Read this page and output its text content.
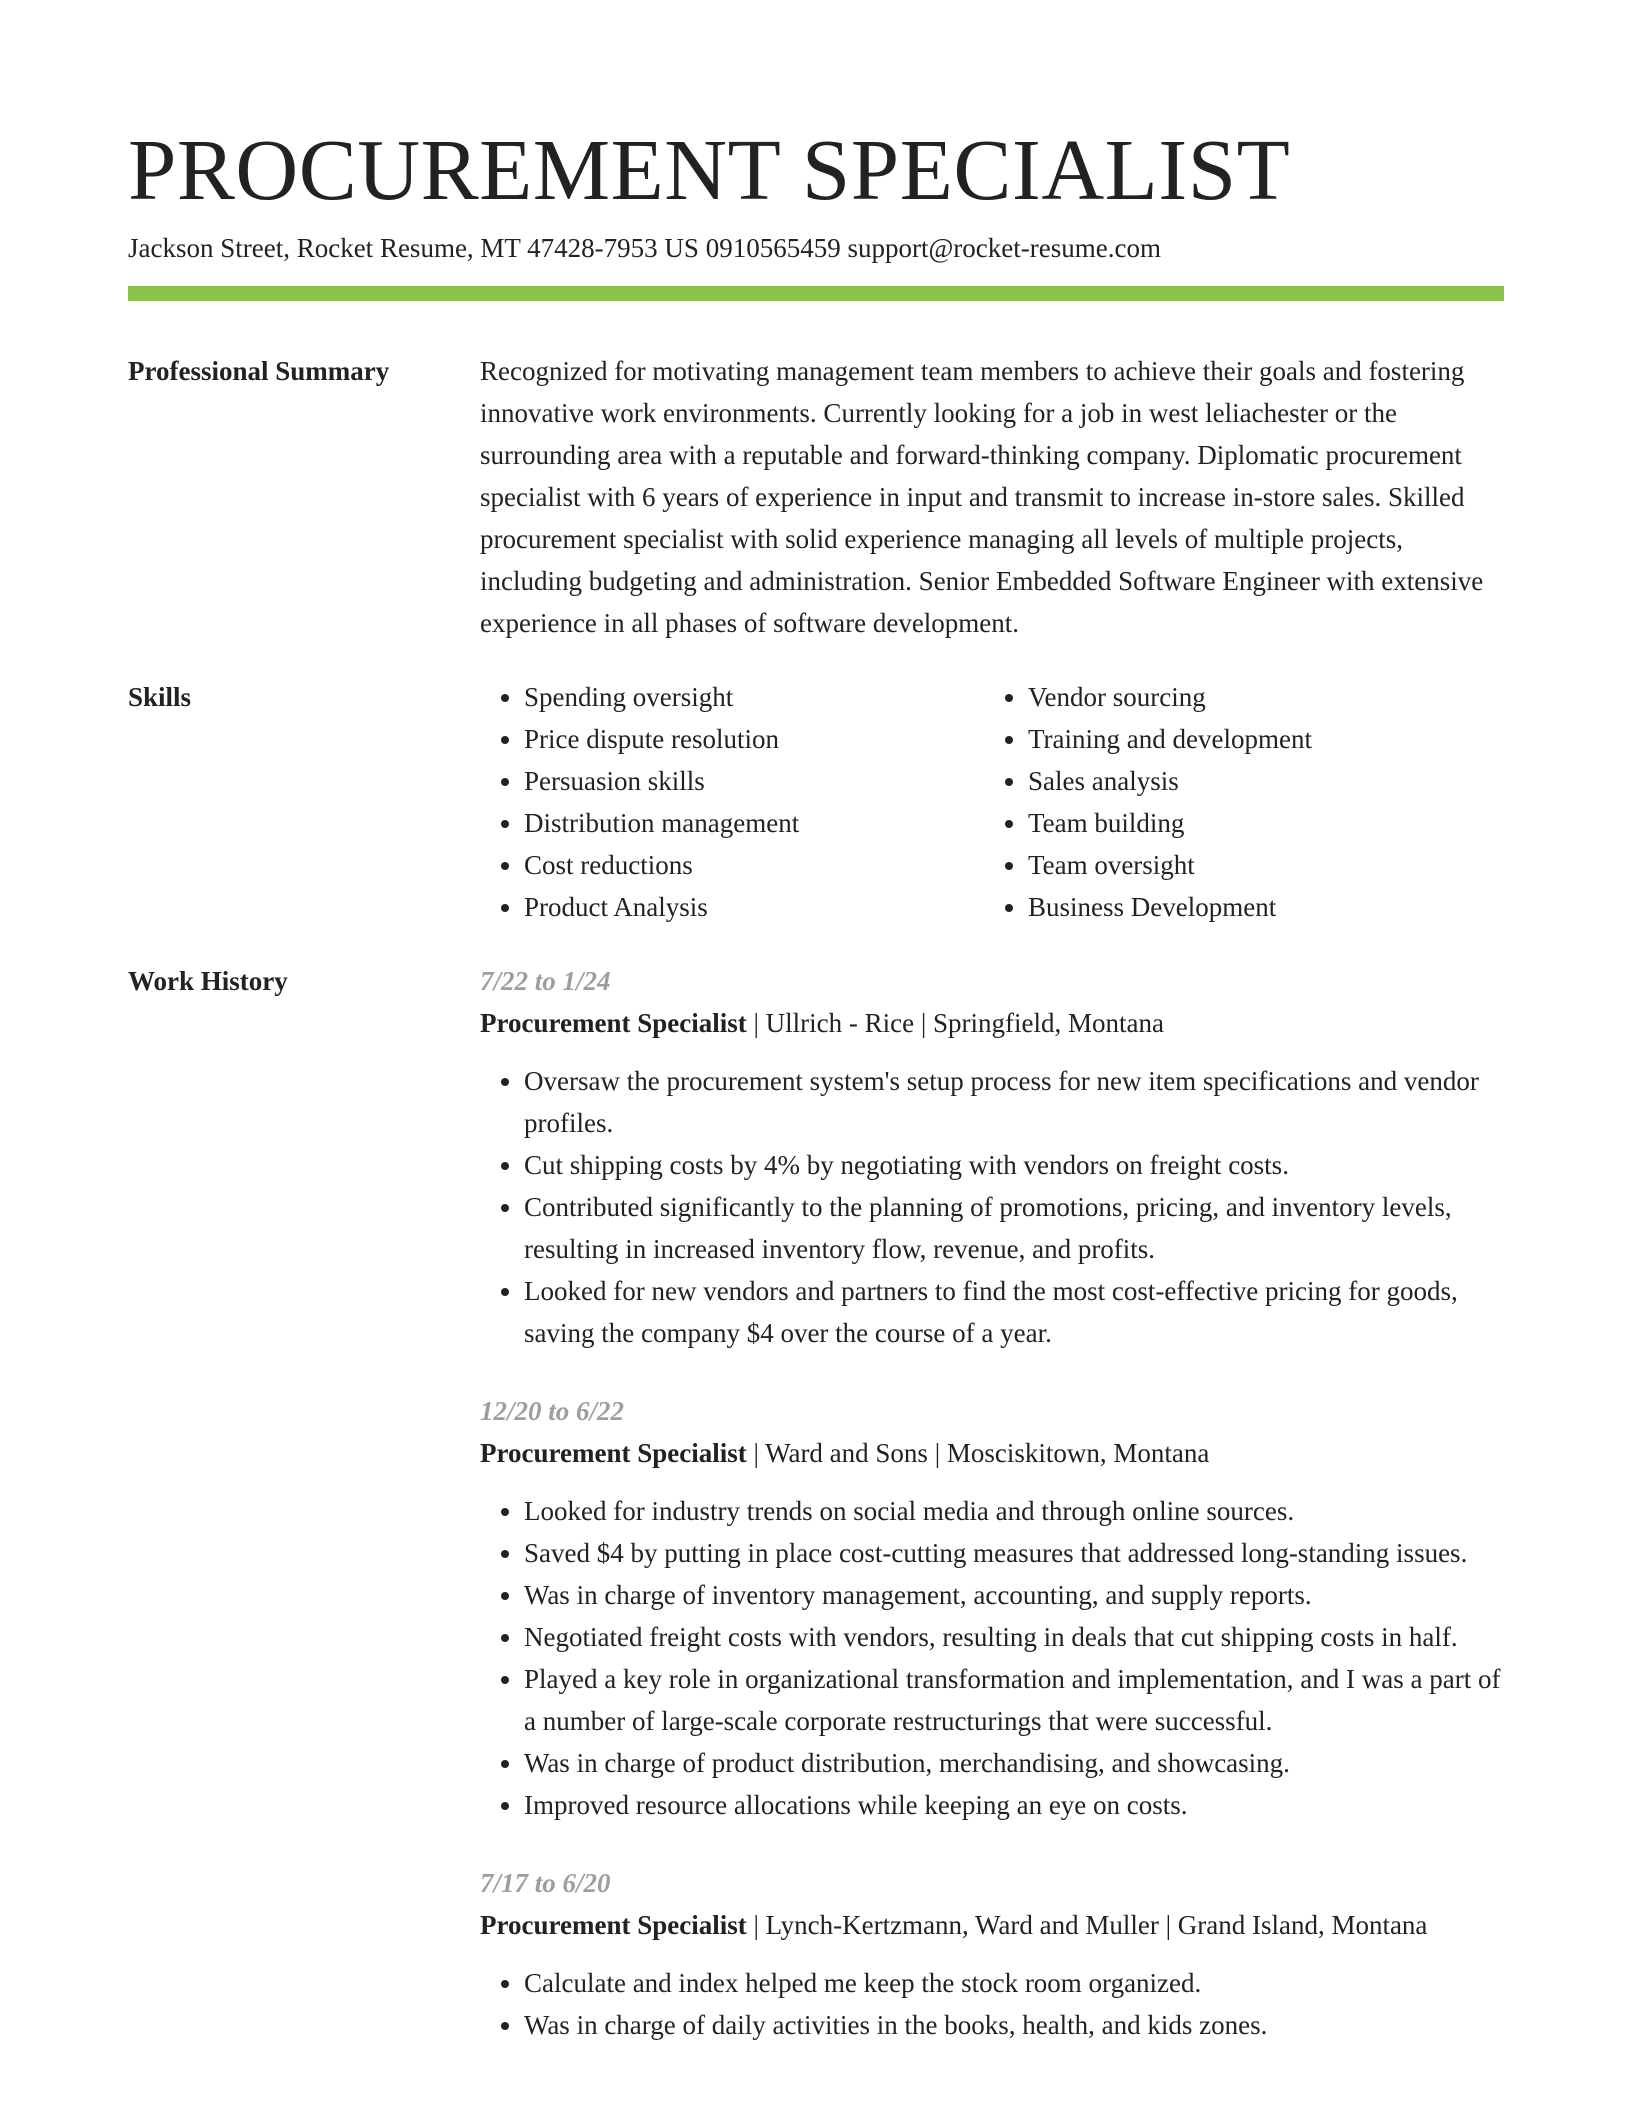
PROCUREMENT SPECIALIST
Jackson Street, Rocket Resume, MT 47428-7953 US 0910565459 support@rocket-resume.com
Professional Summary	Recognized for motivating management team members to achieve their goals and fostering innovative work environments. Currently looking for a job in west leliachester or the surrounding area with a reputable and forward-thinking company. Diplomatic procurement specialist with 6 years of experience in input and transmit to increase in-store sales. Skilled procurement specialist with solid experience managing all levels of multiple projects, including budgeting and administration. Senior Embedded Software Engineer with extensive experience in all phases of software development.

Skills
•	Spending oversight
• Price dispute resolution
• Persuasion skills
• Distribution management
• Cost reductions
• Product Analysis
• Vendor sourcing
• Training and development
• Sales analysis
• Team building
• Team oversight
• Business Development
Work History	7/22 to 1/24
Procurement Specialist | Ullrich - Rice | Springfield, Montana
• Oversaw the procurement system's setup process for new item specifications and vendor profiles.
• Cut shipping costs by 4% by negotiating with vendors on freight costs.
• Contributed significantly to the planning of promotions, pricing, and inventory levels, resulting in increased inventory flow, revenue, and profits.
• Looked for new vendors and partners to find the most cost-effective pricing for goods, saving the company $4 over the course of a year.
12/20 to 6/22
Procurement Specialist | Ward and Sons | Mosciskitown, Montana
• Looked for industry trends on social media and through online sources.
• Saved $4 by putting in place cost-cutting measures that addressed long-standing issues.
• Was in charge of inventory management, accounting, and supply reports.
• Negotiated freight costs with vendors, resulting in deals that cut shipping costs in half.
• Played a key role in organizational transformation and implementation, and I was a part of a number of large-scale corporate restructurings that were successful.
• Was in charge of product distribution, merchandising, and showcasing.
• Improved resource allocations while keeping an eye on costs.
7/17 to 6/20
Procurement Specialist | Lynch-Kertzmann, Ward and Muller | Grand Island, Montana
• Calculate and index helped me keep the stock room organized.
• Was in charge of daily activities in the books, health, and kids zones.
